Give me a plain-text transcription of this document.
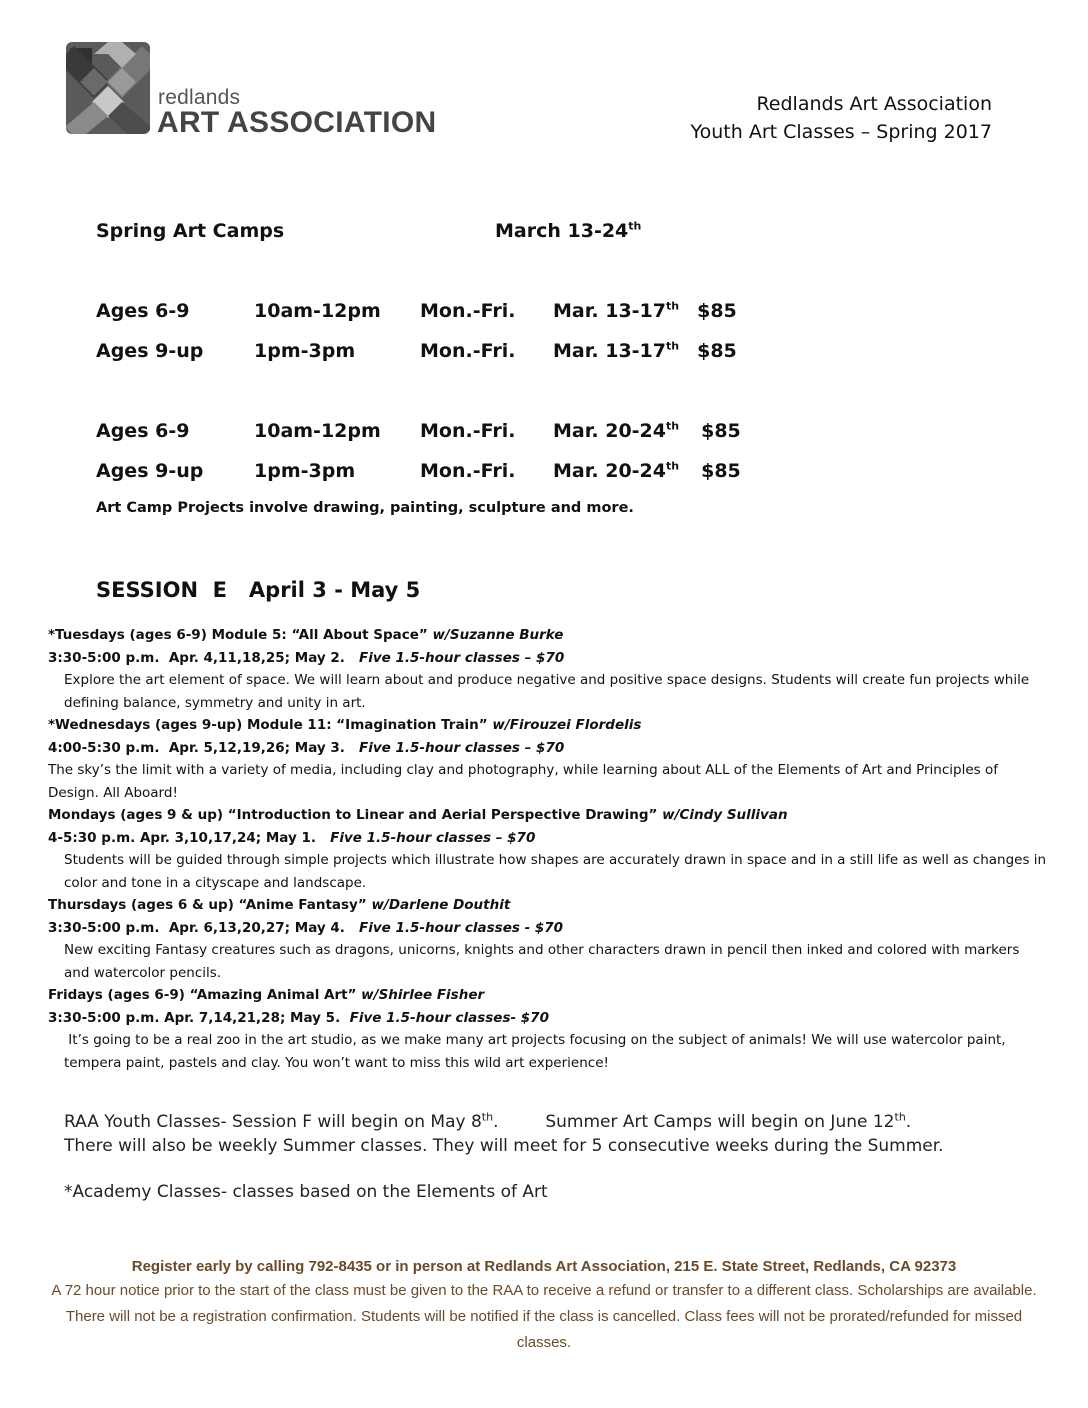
redlands
ART ASSOCIATION
Redlands Art Association
Youth Art Classes – Spring 2017
Spring Art Camps	March 13-24th
Ages 6-9	10am-12pm Mon.-Fri. Mar. 13-17th $85
Ages 9-up	1pm-3pm	Mon.-Fri. Mar. 13-17th $85
Ages 6-9	10am-12pm Mon.-Fri. Mar. 20-24th $85
Ages 9-up	1pm-3pm	Mon.-Fri. Mar. 20-24th $85
Art Camp Projects involve drawing, painting, sculpture and more.
SESSION  E   April 3 - May 5
*Tuesdays (ages 6-9) Module 5: “All About Space” w/Suzanne Burke
3:30-5:00 p.m.  Apr. 4,11,18,25; May 2.   Five 1.5-hour classes – $70
Explore the art element of space. We will learn about and produce negative and positive space designs. Students will create fun projects while defining balance, symmetry and unity in art.
*Wednesdays (ages 9-up) Module 11: “Imagination Train” w/Firouzei Flordelis
4:00-5:30 p.m.  Apr. 5,12,19,26; May 3.   Five 1.5-hour classes – $70
The sky’s the limit with a variety of media, including clay and photography, while learning about ALL of the Elements of Art and Principles of Design. All Aboard!
Mondays (ages 9 & up) “Introduction to Linear and Aerial Perspective Drawing” w/Cindy Sullivan
4-5:30 p.m. Apr. 3,10,17,24; May 1.   Five 1.5-hour classes – $70
Students will be guided through simple projects which illustrate how shapes are accurately drawn in space and in a still life as well as changes in color and tone in a cityscape and landscape.
Thursdays (ages 6 & up) “Anime Fantasy” w/Darlene Douthit
3:30-5:00 p.m.  Apr. 6,13,20,27; May 4.   Five 1.5-hour classes - $70
New exciting Fantasy creatures such as dragons, unicorns, knights and other characters drawn in pencil then inked and colored with markers and watercolor pencils.
Fridays (ages 6-9) “Amazing Animal Art” w/Shirlee Fisher
3:30-5:00 p.m. Apr. 7,14,21,28; May 5.  Five 1.5-hour classes- $70
It’s going to be a real zoo in the art studio, as we make many art projects focusing on the subject of animals! We will use watercolor paint, tempera paint, pastels and clay. You won’t want to miss this wild art experience!
RAA Youth Classes- Session F will begin on May 8th.	Summer Art Camps will begin on June 12th.
There will also be weekly Summer classes. They will meet for 5 consecutive weeks during the Summer.
*Academy Classes- classes based on the Elements of Art
Register early by calling 792-8435 or in person at Redlands Art Association, 215 E. State Street, Redlands, CA 92373
A 72 hour notice prior to the start of the class must be given to the RAA to receive a refund or transfer to a different class. Scholarships are available. There will not be a registration confirmation. Students will be notified if the class is cancelled. Class fees will not be prorated/refunded for missed classes.
